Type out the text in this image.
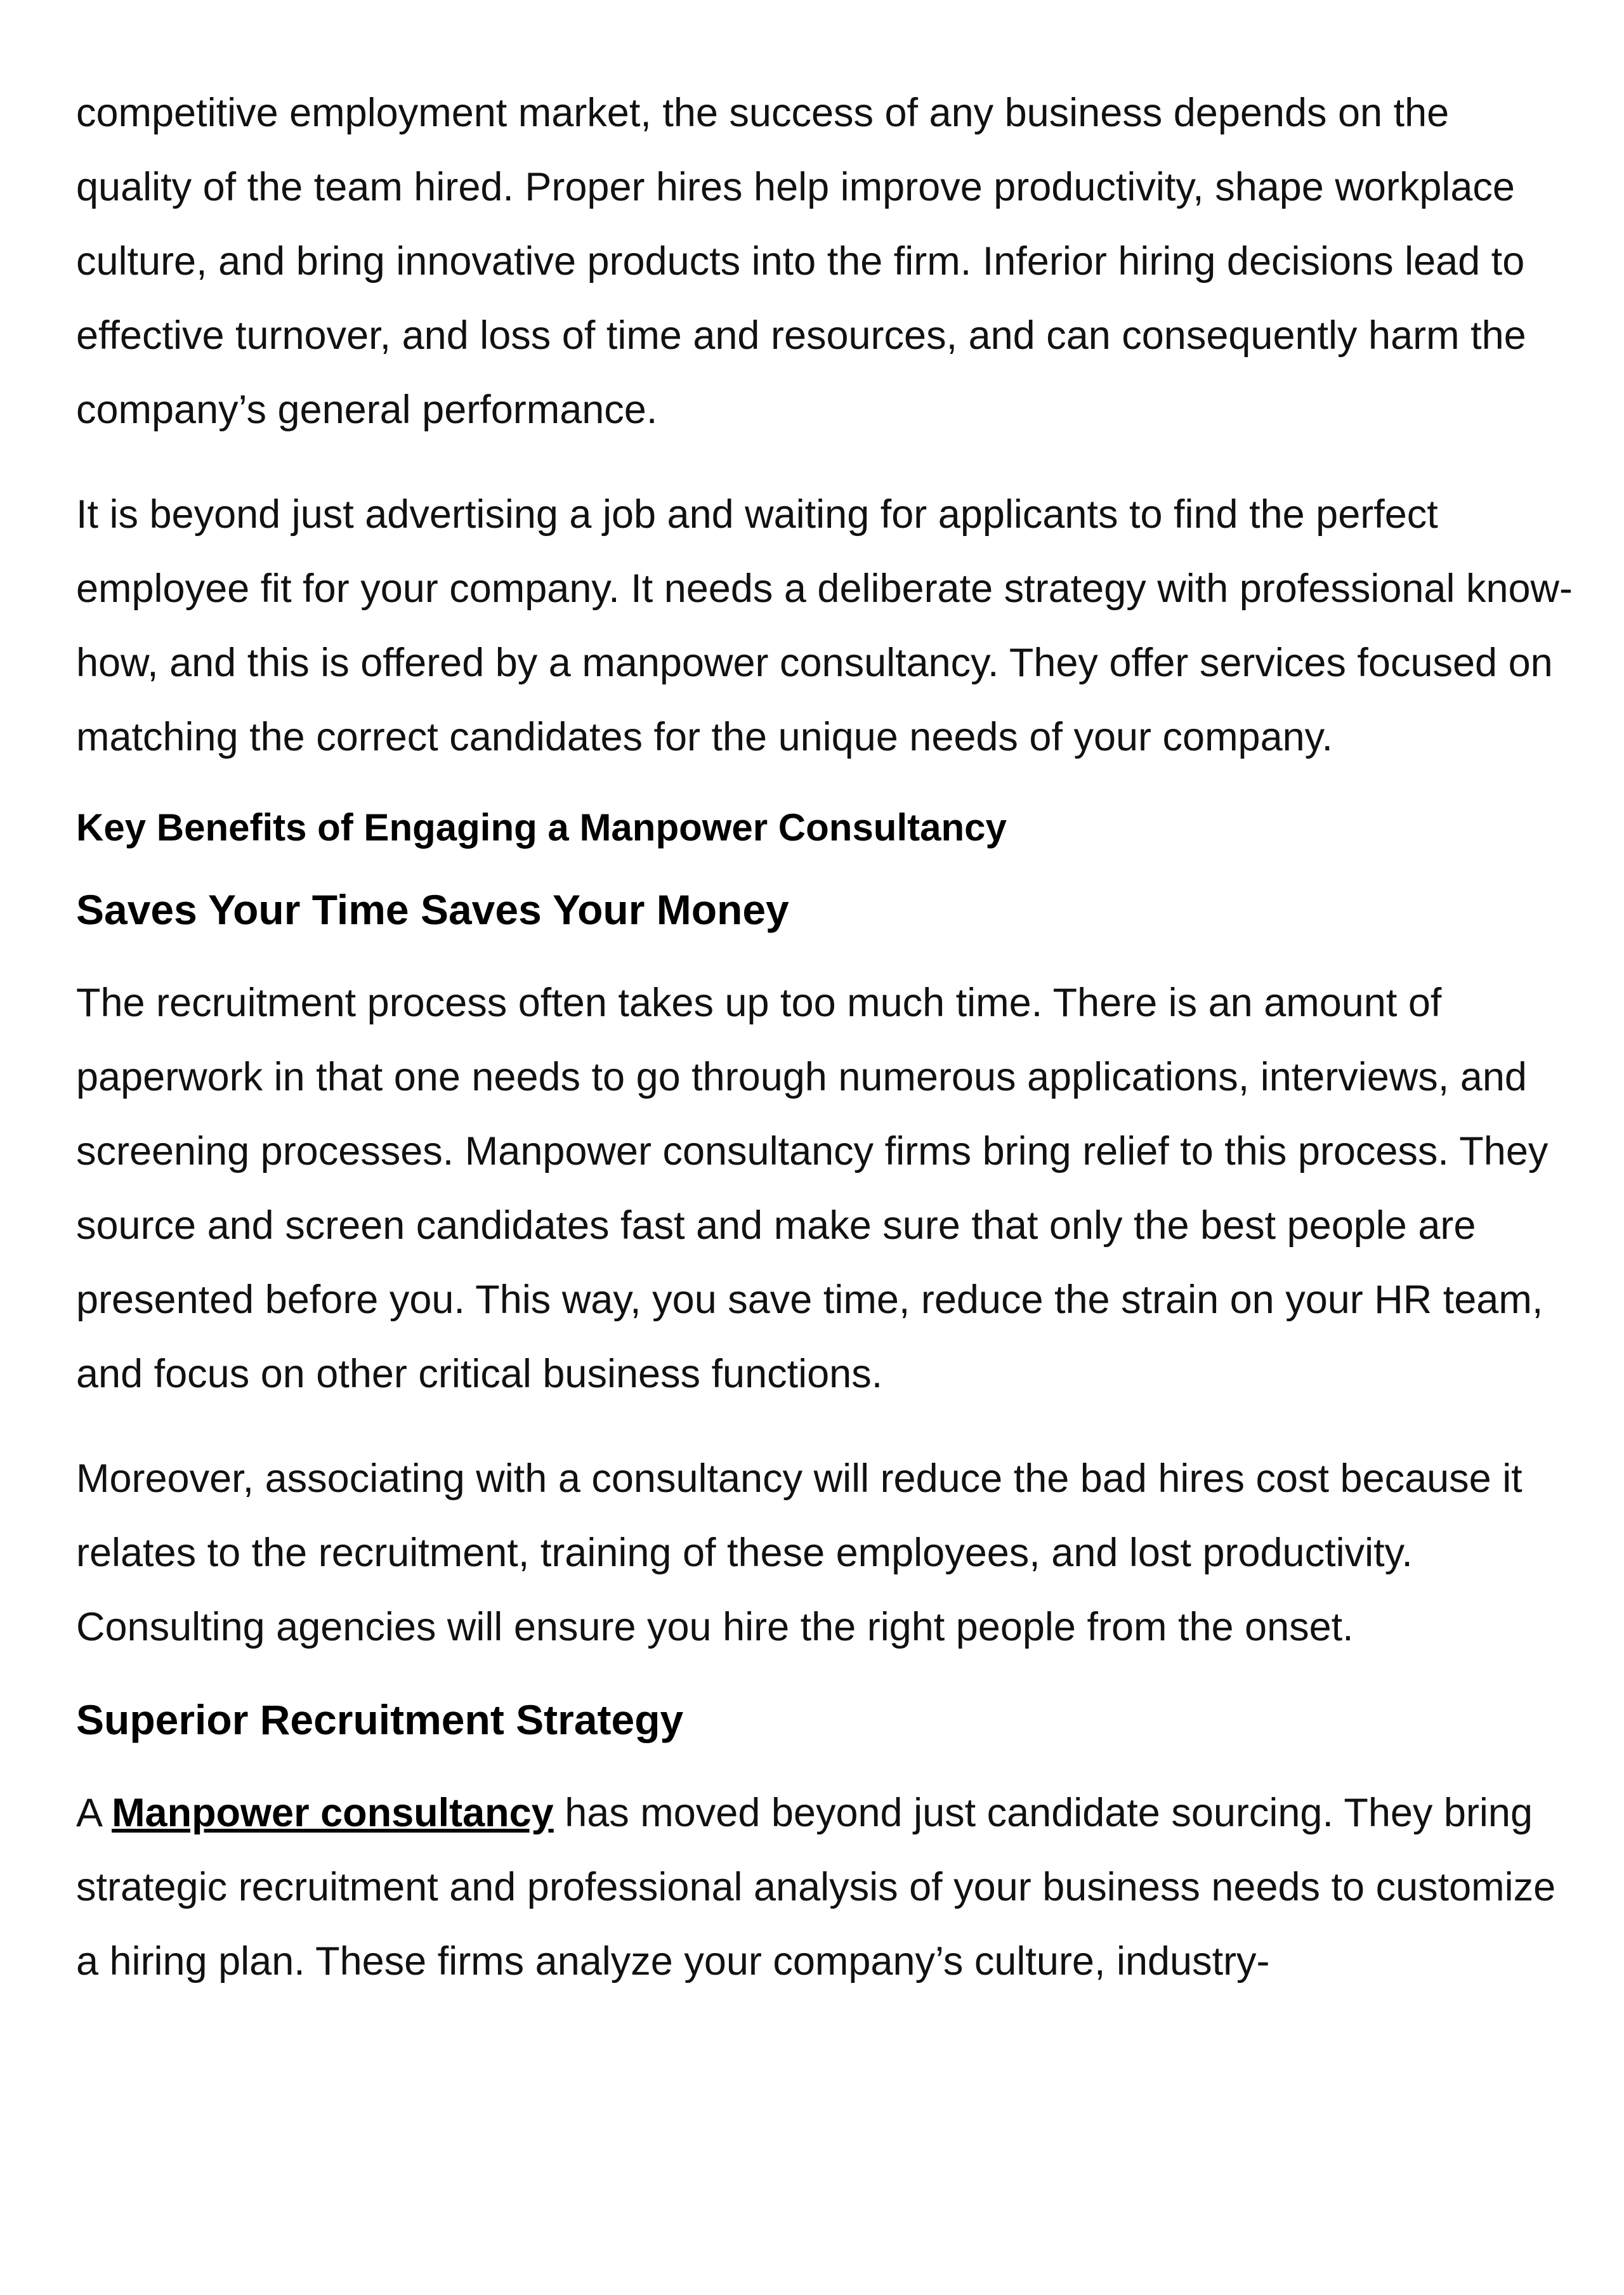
competitive employment market, the success of any business depends on the quality of the team hired. Proper hires help improve productivity, shape workplace culture, and bring innovative products into the firm. Inferior hiring decisions lead to effective turnover, and loss of time and resources, and can consequently harm the company’s general performance.

It is beyond just advertising a job and waiting for applicants to find the perfect employee fit for your company. It needs a deliberate strategy with professional know-how, and this is offered by a manpower consultancy. They offer services focused on matching the correct candidates for the unique needs of your company.

Key Benefits of Engaging a Manpower Consultancy
Saves Your Time Saves Your Money

The recruitment process often takes up too much time. There is an amount of paperwork in that one needs to go through numerous applications, interviews, and screening processes. Manpower consultancy firms bring relief to this process. They source and screen candidates fast and make sure that only the best people are presented before you. This way, you save time, reduce the strain on your HR team, and focus on other critical business functions.

Moreover, associating with a consultancy will reduce the bad hires cost because it relates to the recruitment, training of these employees, and lost productivity. Consulting agencies will ensure you hire the right people from the onset.

Superior Recruitment Strategy

A Manpower consultancy has moved beyond just candidate sourcing. They bring strategic recruitment and professional analysis of your business needs to customize a hiring plan. These firms analyze your company’s culture, industry-
